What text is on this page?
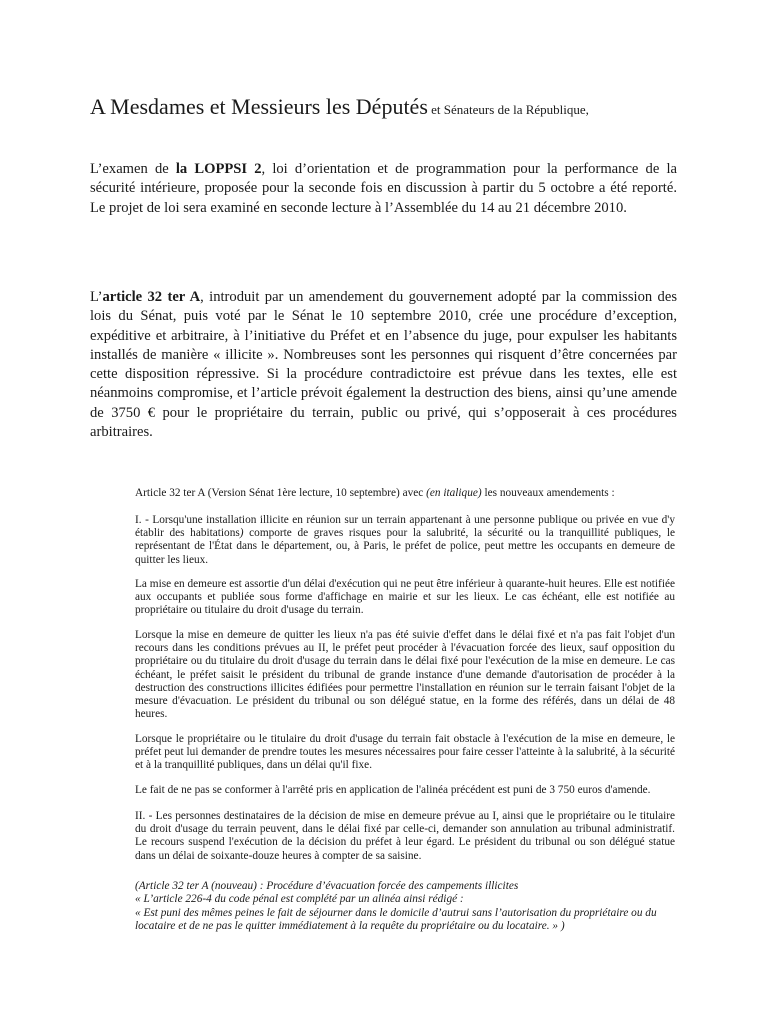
A Mesdames et Messieurs les Députés et Sénateurs de la République,

L’examen de la LOPPSI 2, loi d’orientation et de programmation pour la performance de la sécurité intérieure, proposée pour la seconde fois en discussion à partir du 5 octobre a été reporté. Le projet de loi sera examiné en seconde lecture à l’Assemblée du 14 au 21 décembre 2010.

L’article 32 ter A, introduit par un amendement du gouvernement adopté par la commission des lois du Sénat, puis voté par le Sénat le 10 septembre 2010, crée une procédure d’exception, expéditive et arbitraire, à l’initiative du Préfet et en l’absence du juge, pour expulser les habitants installés de manière « illicite ». Nombreuses sont les personnes qui risquent d’être concernées par cette disposition répressive. Si la procédure contradictoire est prévue dans les textes, elle est néanmoins compromise, et l’article prévoit également la destruction des biens, ainsi qu’une amende de 3750 € pour le propriétaire du terrain, public ou privé, qui s’opposerait à ces procédures arbitraires.

Article 32 ter A (Version Sénat 1ère lecture, 10 septembre) avec (en italique) les nouveaux amendements :

I. - Lorsqu'une installation illicite en réunion sur un terrain appartenant à une personne publique ou privée en vue d'y établir des habitations) comporte de graves risques pour la salubrité, la sécurité ou la tranquillité publiques, le représentant de l'État dans le département, ou, à Paris, le préfet de police, peut mettre les occupants en demeure de quitter les lieux.

La mise en demeure est assortie d'un délai d'exécution qui ne peut être inférieur à quarante-huit heures. Elle est notifiée aux occupants et publiée sous forme d'affichage en mairie et sur les lieux. Le cas échéant, elle est notifiée au propriétaire ou titulaire du droit d'usage du terrain.

Lorsque la mise en demeure de quitter les lieux n'a pas été suivie d'effet dans le délai fixé et n'a pas fait l'objet d'un recours dans les conditions prévues au II, le préfet peut procéder à l'évacuation forcée des lieux, sauf opposition du propriétaire ou du titulaire du droit d'usage du terrain dans le délai fixé pour l'exécution de la mise en demeure. Le cas échéant, le préfet saisit le président du tribunal de grande instance d'une demande d'autorisation de procéder à la destruction des constructions illicites édifiées pour permettre l'installation en réunion sur le terrain faisant l'objet de la mesure d'évacuation. Le président du tribunal ou son délégué statue, en la forme des référés, dans un délai de 48 heures.

Lorsque le propriétaire ou le titulaire du droit d'usage du terrain fait obstacle à l'exécution de la mise en demeure, le préfet peut lui demander de prendre toutes les mesures nécessaires pour faire cesser l'atteinte à la salubrité, à la sécurité et à la tranquillité publiques, dans un délai qu'il fixe.

Le fait de ne pas se conformer à l'arrêté pris en application de l'alinéa précédent est puni de 3 750 euros d'amende.

II. - Les personnes destinataires de la décision de mise en demeure prévue au I, ainsi que le propriétaire ou le titulaire du droit d'usage du terrain peuvent, dans le délai fixé par celle-ci, demander son annulation au tribunal administratif. Le recours suspend l'exécution de la décision du préfet à leur égard. Le président du tribunal ou son délégué statue dans un délai de soixante-douze heures à compter de sa saisine.

(Article 32 ter A (nouveau) : Procédure d’évacuation forcée des campements illicites
« L’article 226-4 du code pénal est complété par un alinéa ainsi rédigé :
« Est puni des mêmes peines le fait de séjourner dans le domicile d’autrui sans l’autorisation du propriétaire ou du locataire et de ne pas le quitter immédiatement à la requête du propriétaire ou du locataire. » )
